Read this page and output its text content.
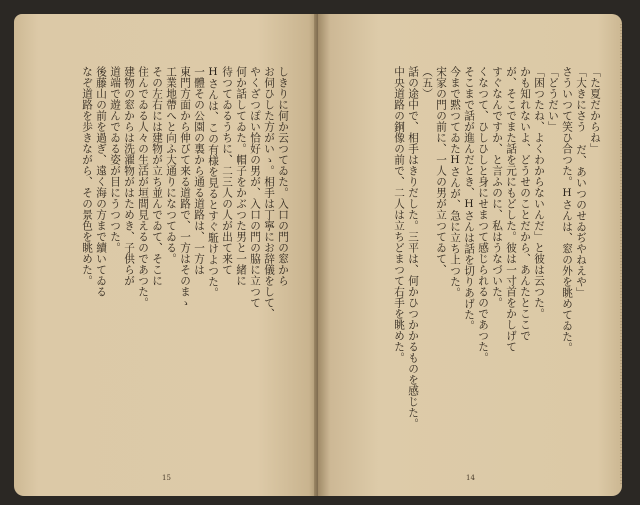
しきりに何か云つてゐた。入口の門の窓から
お伺ひした方がいゝ。相手は丁寧にお辞儀をして、
やくざつぽい恰好の男が、入口の門の脇に立つて
何か話してゐた。帽子をかぶつた男と一緒に
待つてゐるうちに、二三人の人が出て来て
Hさんは、この有様を見るとすぐ駈けよつた。
一體その公園の裏から通る道路は、一方は
東門方面から伸びて来る道路で、一方はそのまゝ
工業地帶へと向ふ大通りになつてゐる。
その左右には建物が立ち並んでゐて、そこに
住んでゐる人々の生活が垣間見えるのであつた。
建物の窓からは洗濯物がはためき、子供らが
道端で遊んでゐる姿が目にうつつた。
後藤山の前を過ぎ、遠く海の方まで續いてゐる
なぞ道路を歩きながら、その景色を眺めた。
15
「た夏だからね」
「大きにさう だ、あいつのせゐぢやねえや」
さういつて笑ひ合つた。Hさんは、窓の外を眺めてゐた。
「どうだい」
「困つたね、よくわからないんだ」と彼は云つた。
かも知れないよ、どうせのことだから、あんたとここで
が、そこでまた話を元にもどした。彼は一寸首をかしげて
すぐなんですか、と言ふのに、私はうなづいた。
くなつて、ひしひしと身にせまつて感じられるのであつた。
そこまで話が進んだとき、Hさんは話を切りあげた。
今まで黙つてゐたHさんが、急に立ち上つた。
宋家の門の前に、一人の男が立つてゐて、
（五）
話の途中で、相手はきりだした。三平は、何かひつかかるものを感じた。
中央道路の銅像の前で、二人は立ちどまつて右手を眺めた。
14
